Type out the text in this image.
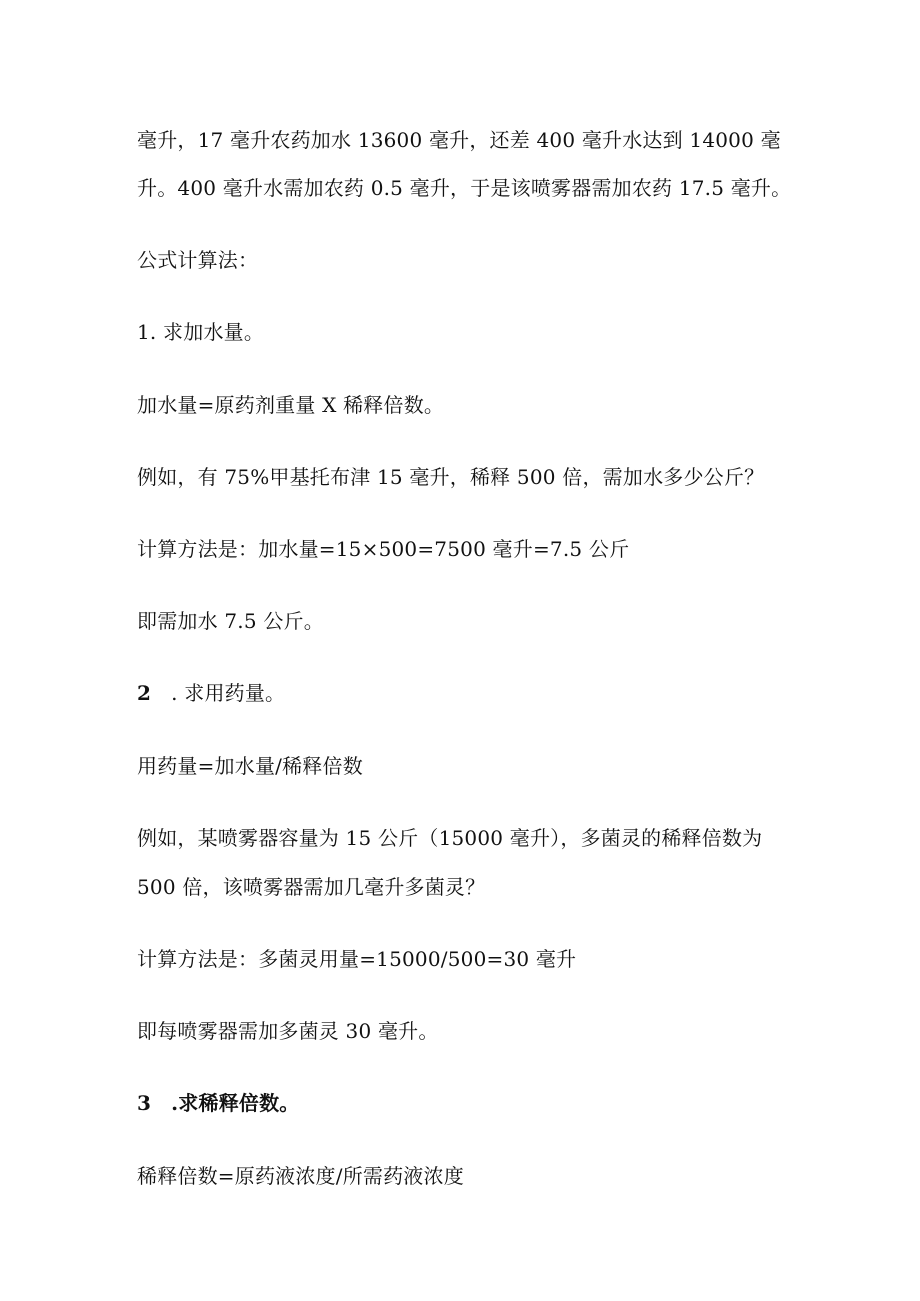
毫升，17 毫升农药加水 13600 毫升，还差 400 毫升水达到 14000 毫
升。400 毫升水需加农药 0.5 毫升，于是该喷雾器需加农药 17.5 毫升。
公式计算法：
1. 求加水量。
加水量=原药剂重量 X 稀释倍数。
例如，有 75%甲基托布津 15 毫升，稀释 500 倍，需加水多少公斤？
计算方法是：加水量=15×500=7500 毫升=7.5 公斤
即需加水 7.5 公斤。
2 . 求用药量。
用药量=加水量/稀释倍数
例如，某喷雾器容量为 15 公斤（15000 毫升），多菌灵的稀释倍数为
500 倍，该喷雾器需加几毫升多菌灵？
计算方法是：多菌灵用量=15000/500=30 毫升
即每喷雾器需加多菌灵 30 毫升。
3 .求稀释倍数。
稀释倍数=原药液浓度/所需药液浓度
